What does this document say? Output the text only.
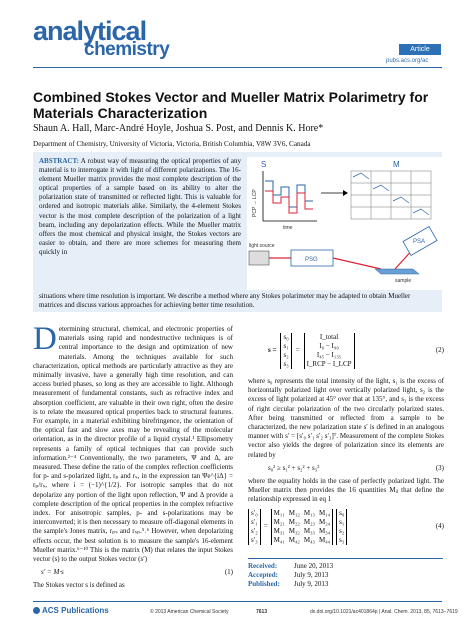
analytical
chemistry	Article
pubs.acs.org/ac
Combined Stokes Vector and Mueller Matrix Polarimetry for Materials Characterization
Shaun A. Hall, Marc-André Hoyle, Joshua S. Post, and Dennis K. Hore*
Department of Chemistry, University of Victoria, Victoria, British Columbia, V8W 3V6, Canada
ABSTRACT: A robust way of measuring the optical properties of any material is to interrogate it with light of different polarizations. The 16-element Mueller matrix provides the most complete description of the optical properties of a sample based on its ability to alter the polarization state of transmitted or reflected light. This is valuable for ordered and isotropic materials alike. Similarly, the 4-element Stokes vector is the most complete description of the polarization of a light beam, including any depolarization effects. While the Mueller matrix offers the most chemical and physical insight, the Stokes vectors are easier to obtain, and there are more schemes for measuring them quickly in
situations where time resolution is important. We describe a method where any Stokes polarimeter may be adapted to obtain Mueller matrices and discuss various approaches for achieving better time resolution.
S
PCP → LCP
time
M
light source
PSG
sample
PSA
Determining structural, chemical, and electronic properties of materials using rapid and nondestructive techniques is of central importance to the design and optimization of new materials. Among the techniques available for such characterization, optical methods are particularly attractive as they are minimally invasive, have a generally high time resolution, and can access buried phases, so long as they are accessible to light. Although measurement of fundamental constants, such as refractive index and absorption coefficient, are valuable in their own right, often the desire is to relate the measured optical properties back to structural features. For example, in a material exhibiting birefringence, the orientation of the optical fast and slow axes may be revealing of the molecular orientation, as in the director profile of a liquid crystal.¹ Ellipsometry represents a family of optical techniques that can provide such information.²⁻⁴ Conventionally, the two parameters, Ψ and Δ, are measured. These define the ratio of the complex reflection coefficients for p- and s-polarized light, rₚ and rₛ, in the expression tan Ψe^{iΔ} = rₚ/rₛ, where i = (−1)^{1/2}. For isotropic samples that do not depolarize any portion of the light upon reflection, Ψ and Δ provide a complete description of the optical properties in the complex refractive index. For anisotropic samples, p- and s-polarizations may be interconverted; it is then necessary to measure off-diagonal elements in the sample's Jones matrix, rₚₛ and rₛₚ.⁵˒⁶ However, when depolarizing effects occur, the best solution is to measure the sample's 16-element Mueller matrix.⁶⁻¹⁰ This is the matrix (M) that relates the input Stokes vector (s) to the output Stokes vector (s′)
s′ = M·s	(1)
The Stokes vector s is defined as
s =
s₀
s₁
s₂
s₃
=
I_total
I₀ − I₉₀
I₄₅ − I₁₃₅
I_RCP − I_LCP
(2)
where s₀ represents the total intensity of the light, s₁ is the excess of horizontally polarized light over vertically polarized light, s₂ is the excess of light polarized at 45° over that at 135°, and s₃ is the excess of right circular polarization of the two circularly polarized states. After being transmitted or reflected from a sample to be characterized, the new polarization state s′ is defined in an analogous manner with s′ = [s′₀ s′₁ s′₂ s′₃]ᵀ. Measurement of the complete Stokes vector also yields the degree of polarization since its elements are related by
s₀² ≥ s₁² + s₂² + s₃²	(3)
where the equality holds in the case of perfectly polarized light. The Mueller matrix then provides the 16 quantities Mᵢⱼ that define the relationship expressed in eq 1
s′₀
s′₁
s′₂
s′₃
=
M₁₁	M₁₂	M₁₃	M₁₄
M₂₁	M₂₂	M₂₃	M₂₄
M₃₁	M₃₂	M₃₃	M₃₄
M₄₁	M₄₂	M₄₃	M₄₄
s₀
s₁
s₂
s₃
(4)
Received: June 20, 2013
Accepted: July 9, 2013
Published: July 9, 2013
ACS Publications	© 2013 American Chemical Society	7613	dx.doi.org/10.1021/ac401864p | Anal. Chem. 2013, 85, 7613−7619
